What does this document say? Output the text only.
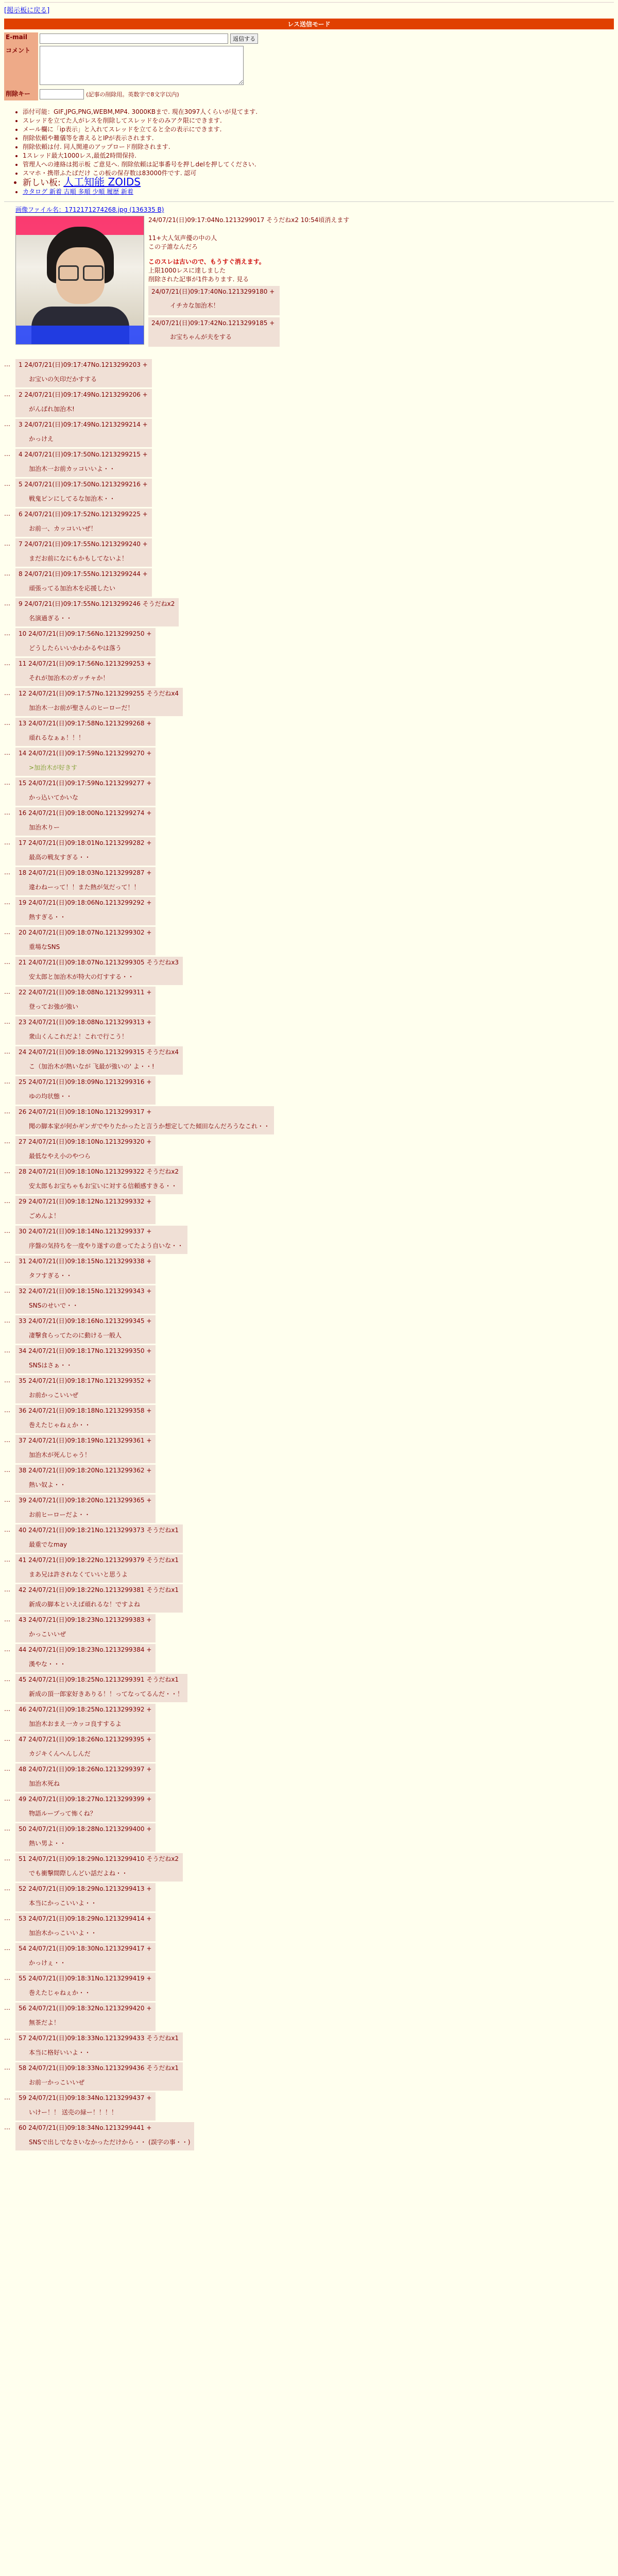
[掲示板に戻る]
レス送信モード
E-mail	返信する
コメント	
削除キー	(記事の削除用。英数字で8文字以内)
• 添付可能：GIF,JPG,PNG,WEBM,MP4. 3000KBまで. 現在3097人くらいが見てます.
• スレッドを立てた人がレスを削除してスレッドをのみアク限にできます.
• メール欄に「ip表示」と入れてスレッドを立てると全の表示にできます.
• 削除依頼や難儀等を書えるとIPが表示されます.
• 削除依頼は付. 同人関連のアップロード削除されます.
• 1スレッド最大1000レス,最低2時間保持.
• 管理人への連絡は掲示板 ご意見へ. 削除依頼は記事番号を押しdelを押してください.
• スマホ・携帯ふたばだけ この板の保存数は83000件です. 認可
• 新しい板: 人工知能 ZOIDS
• カタログ 新着 古順 多順 少順 履歴 新着
画像ファイル名：1712171274268.jpg (136335 B)
24/07/21(日)09:17:04No.1213299017 そうだねx2 10:54頃消えます
11+大人気声優の中の人
この子誰なんだろ
このスレは古いので、もうすぐ消えます。
上限1000レスに達しました
削除された記事が1件あります. 見る
24/07/21(日)09:17:40No.1213299180 +
イチカな加治木！

24/07/21(日)09:17:42No.1213299185 +
お宝ちゃんが夫をする
…	1 24/07/21(日)09:17:47No.1213299203 +
お宝いの矢印だかすする
…	2 24/07/21(日)09:17:49No.1213299206 +
がんばれ加治木!
…	3 24/07/21(日)09:17:49No.1213299214 +
かっけえ
…	4 24/07/21(日)09:17:50No.1213299215 +
加治木一お前カッコいいよ・・
…	5 24/07/21(日)09:17:50No.1213299216 +
戦鬼ピンにしてるな加治木・・
…	6 24/07/21(日)09:17:52No.1213299225 +
お前一、カッコいいぜ！
…	7 24/07/21(日)09:17:55No.1213299240 +
まだお前になにもかもしてないよ！
…	8 24/07/21(日)09:17:55No.1213299244 +
頑張ってる加治木を応援したい
…	9 24/07/21(日)09:17:55No.1213299246 そうだねx2
名演過ぎる・・
…	10 24/07/21(日)09:17:56No.1213299250 +
どうしたらいいかわかるやは落う
…	11 24/07/21(日)09:17:56No.1213299253 +
それが加治木のガッチャか！
…	12 24/07/21(日)09:17:57No.1213299255 そうだねx4
加治木一お前が聖さんのヒーローだ！
…	13 24/07/21(日)09:17:58No.1213299268 +
頑れるなぁぁ！！！
…	14 24/07/21(日)09:17:59No.1213299270 +
>加治木が好きす
…	15 24/07/21(日)09:17:59No.1213299277 +
かっ込いてかいな
…	16 24/07/21(日)09:18:00No.1213299274 +
加治木りー
…	17 24/07/21(日)09:18:01No.1213299282 +
最高の戦友すぎる・・
…	18 24/07/21(日)09:18:03No.1213299287 +
違わねーって！！また熱が気だって！！
…	19 24/07/21(日)09:18:06No.1213299292 +
熱すぎる・・
…	20 24/07/21(日)09:18:07No.1213299302 +
重場なSNS
…	21 24/07/21(日)09:18:07No.1213299305 そうだねx3
安太郎と加治木が特大の灯すする・・
…	22 24/07/21(日)09:18:08No.1213299311 +
登ってお強が強い
…	23 24/07/21(日)09:18:08No.1213299313 +
衆山くんこれだよ！これで行こう！
…	24 24/07/21(日)09:18:09No.1213299315 そうだねx4
こ（加治木が熱いなが 飞最が強いの' よ・・!
…	25 24/07/21(日)09:18:09No.1213299316 +
ゆの均状態・・
…	26 24/07/21(日)09:18:10No.1213299317 +
聞の脚本家が何かギンガでやりたかったと言うか想定してた傾田なんだろうなこれ・・
…	27 24/07/21(日)09:18:10No.1213299320 +
最低なやえ小のやつら
…	28 24/07/21(日)09:18:10No.1213299322 そうだねx2
安太郎もお宝ちゃもお宝いに対する信頼感すきる・・
…	29 24/07/21(日)09:18:12No.1213299332 +
ごめんよ！
…	30 24/07/21(日)09:18:14No.1213299337 +
序盤の気持ちを一度やり遂すの意ってたよう自いな・・
…	31 24/07/21(日)09:18:15No.1213299338 +
タフすぎる・・
…	32 24/07/21(日)09:18:15No.1213299343 +
SNSのせいで・・
…	33 24/07/21(日)09:18:16No.1213299345 +
凄撃食らってたのに動ける一般人
…	34 24/07/21(日)09:18:17No.1213299350 +
SNSはさぁ・・
…	35 24/07/21(日)09:18:17No.1213299352 +
お前かっこいいぜ
…	36 24/07/21(日)09:18:18No.1213299358 +
巻えたじゃねぇか・・
…	37 24/07/21(日)09:18:19No.1213299361 +
加治木が死んじゃう！
…	38 24/07/21(日)09:18:20No.1213299362 +
熱い奴よ・・
…	39 24/07/21(日)09:18:20No.1213299365 +
お前ヒーローだよ・・
…	40 24/07/21(日)09:18:21No.1213299373 そうだねx1
最重でなmay
…	41 24/07/21(日)09:18:22No.1213299379 そうだねx1
まあ兄は許されなくていいと思うよ
…	42 24/07/21(日)09:18:22No.1213299381 そうだねx1
新成の脚本といえば頑れるな！ですよね
…	43 24/07/21(日)09:18:23No.1213299383 +
かっこいいぜ
…	44 24/07/21(日)09:18:23No.1213299384 +
漢やな・・・
…	45 24/07/21(日)09:18:25No.1213299391 そうだねx1
新成の頂一郎家好きありる！！ってなってるんだ・・！
…	46 24/07/21(日)09:18:25No.1213299392 +
加治木おまえ一カッコ良すするよ
…	47 24/07/21(日)09:18:26No.1213299395 +
カジキくんへんしんだ
…	48 24/07/21(日)09:18:26No.1213299397 +
加治木死ね
…	49 24/07/21(日)09:18:27No.1213299399 +
物語ループって怖くね？
…	50 24/07/21(日)09:18:28No.1213299400 +
熱い男よ・・
…	51 24/07/21(日)09:18:29No.1213299410 そうだねx2
でも衝撃間際しんどい話だよね・・
…	52 24/07/21(日)09:18:29No.1213299413 +
本当にかっこいいよ・・
…	53 24/07/21(日)09:18:29No.1213299414 +
加治木かっこいいよ・・
…	54 24/07/21(日)09:18:30No.1213299417 +
かっけぇ・・
…	55 24/07/21(日)09:18:31No.1213299419 +
巻えたじゃねぇか・・
…	56 24/07/21(日)09:18:32No.1213299420 +
無茶だよ！
…	57 24/07/21(日)09:18:33No.1213299433 そうだねx1
本当に格好いいよ・・
…	58 24/07/21(日)09:18:33No.1213299436 そうだねx1
お前一かっこいいぜ
…	59 24/07/21(日)09:18:34No.1213299437 +
いけー！！ 送売の緑ー！！！！
…	60 24/07/21(日)09:18:34No.1213299441 +
SNSで出しでなさいなかっただけから・・ (誤字の事・・)
